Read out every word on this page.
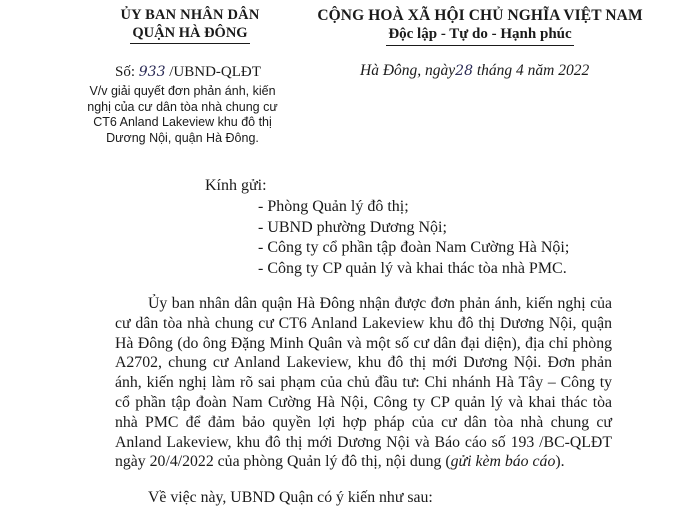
ỦY BAN NHÂN DÂN
QUẬN HÀ ĐÔNG
CỘNG HOÀ XÃ HỘI CHỦ NGHĨA VIỆT NAM
Độc lập - Tự do - Hạnh phúc
Số: 933 /UBND-QLĐT	Hà Đông, ngày28 tháng 4 năm 2022
V/v giải quyết đơn phản ánh, kiến nghị của cư dân tòa nhà chung cư CT6 Anland Lakeview khu đô thị Dương Nội, quận Hà Đông.
Kính gửi:
- Phòng Quản lý đô thị;
- UBND phường Dương Nội;
- Công ty cổ phần tập đoàn Nam Cường Hà Nội;
- Công ty CP quản lý và khai thác tòa nhà PMC.

Ủy ban nhân dân quận Hà Đông nhận được đơn phản ánh, kiến nghị của cư dân tòa nhà chung cư CT6 Anland Lakeview khu đô thị Dương Nội, quận Hà Đông (do ông Đặng Minh Quân và một số cư dân đại diện), địa chỉ phòng A2702, chung cư Anland Lakeview, khu đô thị mới Dương Nội. Đơn phản ánh, kiến nghị làm rõ sai phạm của chủ đầu tư: Chi nhánh Hà Tây – Công ty cổ phần tập đoàn Nam Cường Hà Nội, Công ty CP quản lý và khai thác tòa nhà PMC để đảm bảo quyền lợi hợp pháp của cư dân tòa nhà chung cư Anland Lakeview, khu đô thị mới Dương Nội và Báo cáo số 193 /BC-QLĐT ngày 20/4/2022 của phòng Quản lý đô thị, nội dung (gửi kèm báo cáo).

Về việc này, UBND Quận có ý kiến như sau:
